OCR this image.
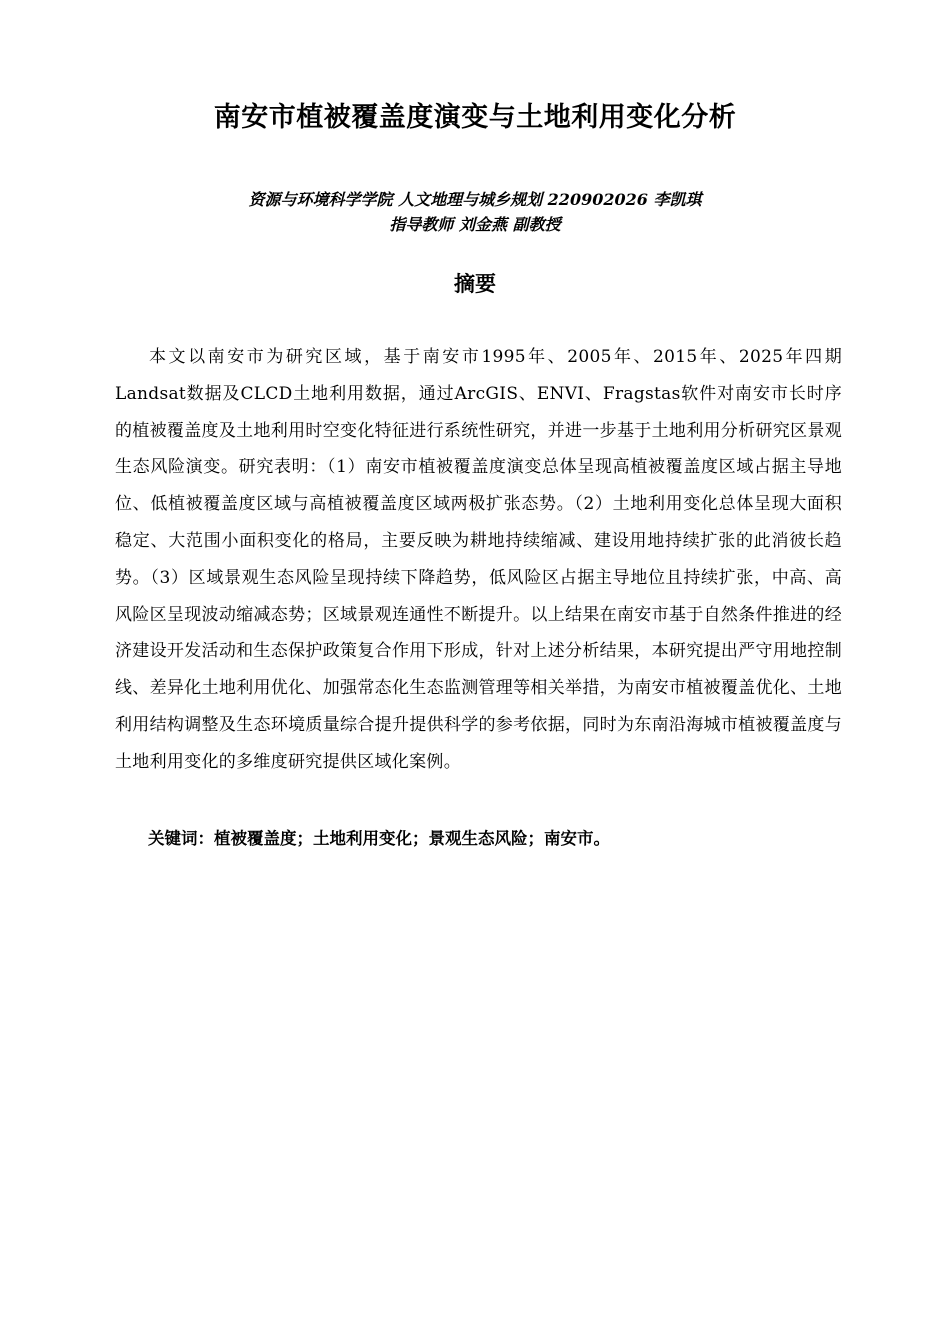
南安市植被覆盖度演变与土地利用变化分析
资源与环境科学学院 人文地理与城乡规划 220902026 李凯琪
指导教师 刘金燕 副教授
摘要

本文以南安市为研究区域，基于南安市1995年、2005年、2015年、2025年四期Landsat数据及CLCD土地利用数据，通过ArcGIS、ENVI、Fragstas软件对南安市长时序的植被覆盖度及土地利用时空变化特征进行系统性研究，并进一步基于土地利用分析研究区景观生态风险演变。研究表明：（1）南安市植被覆盖度演变总体呈现高植被覆盖度区域占据主导地位、低植被覆盖度区域与高植被覆盖度区域两极扩张态势。（2）土地利用变化总体呈现大面积稳定、大范围小面积变化的格局，主要反映为耕地持续缩减、建设用地持续扩张的此消彼长趋势。（3）区域景观生态风险呈现持续下降趋势，低风险区占据主导地位且持续扩张，中高、高风险区呈现波动缩减态势；区域景观连通性不断提升。以上结果在南安市基于自然条件推进的经济建设开发活动和生态保护政策复合作用下形成，针对上述分析结果，本研究提出严守用地控制线、差异化土地利用优化、加强常态化生态监测管理等相关举措，为南安市植被覆盖优化、土地利用结构调整及生态环境质量综合提升提供科学的参考依据，同时为东南沿海城市植被覆盖度与土地利用变化的多维度研究提供区域化案例。

关键词：植被覆盖度；土地利用变化；景观生态风险；南安市。
